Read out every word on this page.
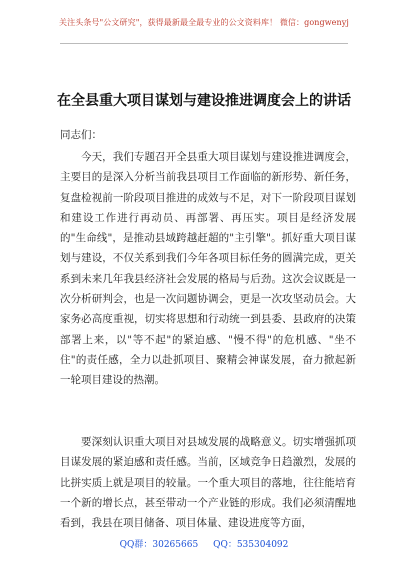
关注头条号"公文研究"，获得最新最全最专业的公文资料库！ 微信：gongwenyj
在全县重大项目谋划与建设推进调度会上的讲话
同志们：

今天，我们专题召开全县重大项目谋划与建设推进调度会，主要目的是深入分析当前我县项目工作面临的新形势、新任务，复盘检视前一阶段项目推进的成效与不足，对下一阶段项目谋划和建设工作进行再动员、再部署、再压实。项目是经济发展的"生命线"，是推动县域跨越赶超的"主引擎"。抓好重大项目谋划与建设，不仅关系到我们今年各项目标任务的圆满完成，更关系到未来几年我县经济社会发展的格局与后劲。这次会议既是一次分析研判会，也是一次问题协调会，更是一次攻坚动员会。大家务必高度重视，切实将思想和行动统一到县委、县政府的决策部署上来，以"等不起"的紧迫感、"慢不得"的危机感、"坐不住"的责任感，全力以赴抓项目、聚精会神谋发展，奋力掀起新一轮项目建设的热潮。

要深刻认识重大项目对县域发展的战略意义。切实增强抓项目谋发展的紧迫感和责任感。当前，区域竞争日趋激烈，发展的比拼实质上就是项目的较量。一个重大项目的落地，往往能培育一个新的增长点，甚至带动一个产业链的形成。我们必须清醒地看到，我县在项目储备、项目体量、建设进度等方面，

QQ群：30265665 QQ：535304092
